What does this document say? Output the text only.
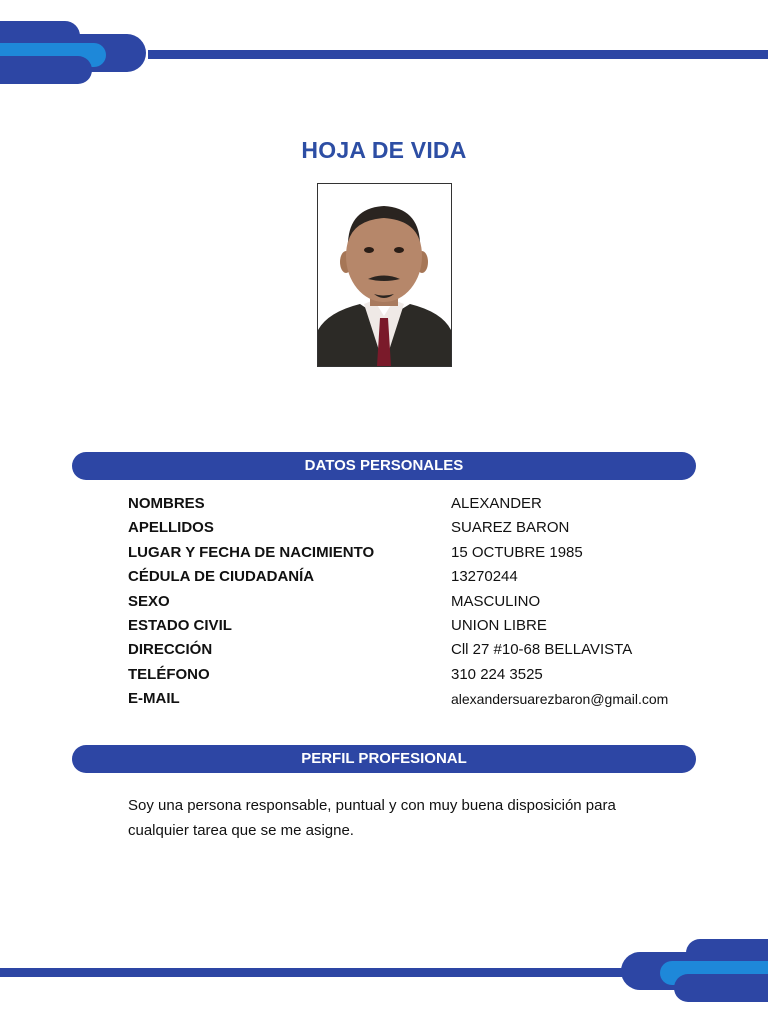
HOJA DE VIDA
DATOS PERSONALES
NOMBRES	ALEXANDER
APELLIDOS	SUAREZ BARON
LUGAR Y FECHA DE NACIMIENTO	15 OCTUBRE 1985
CÉDULA DE CIUDADANÍA	13270244
SEXO	MASCULINO
ESTADO CIVIL	UNION LIBRE
DIRECCIÓN	Cll 27 #10-68 BELLAVISTA
TELÉFONO	310 224 3525
E-MAIL	alexandersuarezbaron@gmail.com
PERFIL PROFESIONAL
Soy una persona responsable, puntual y con muy buena disposición para cualquier tarea que se me asigne.
